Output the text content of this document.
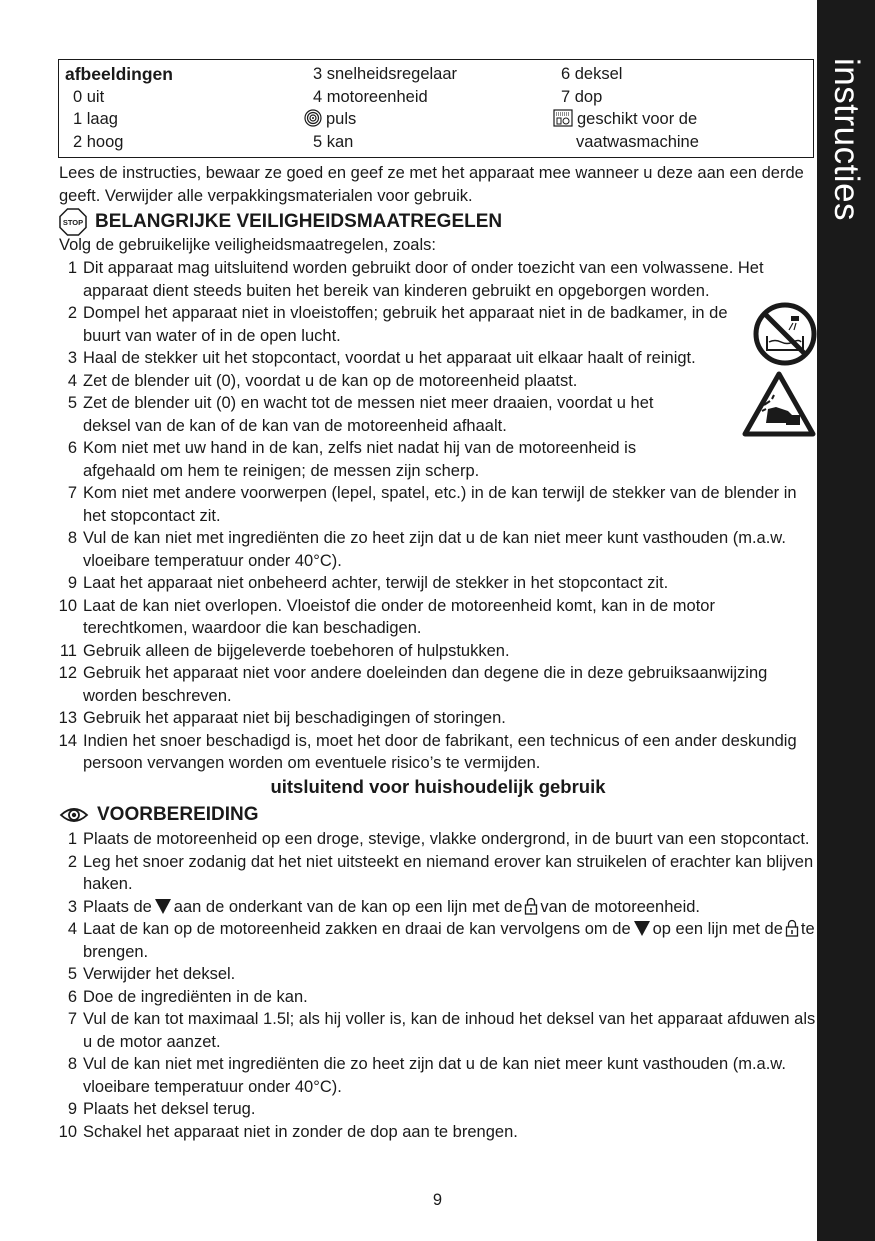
instructies
afbeeldingen
0 uit
1 laag
2 hoog
3 snelheidsregelaar
4 motoreenheid
puls
5 kan
6 deksel
7 dop
geschikt voor de
vaatwasmachine
Lees de instructies, bewaar ze goed en geef ze met het apparaat mee wanneer u deze aan een derde geeft. Verwijder alle verpakkingsmaterialen voor gebruik.
STOP BELANGRIJKE VEILIGHEIDSMAATREGELEN
Volg de gebruikelijke veiligheidsmaatregelen, zoals:
1 Dit apparaat mag uitsluitend worden gebruikt door of onder toezicht van een volwassene. Het apparaat dient steeds buiten het bereik van kinderen gebruikt en opgeborgen worden.
2 Dompel het apparaat niet in vloeistoffen; gebruik het apparaat niet in de badkamer, in de buurt van water of in de open lucht.
3 Haal de stekker uit het stopcontact, voordat u het apparaat uit elkaar haalt of reinigt.
4 Zet de blender uit (0), voordat u de kan op de motoreenheid plaatst.
5 Zet de blender uit (0) en wacht tot de messen niet meer draaien, voordat u het deksel van de kan of de kan van de motoreenheid afhaalt.
6 Kom niet met uw hand in de kan, zelfs niet nadat hij van de motoreenheid is afgehaald om hem te reinigen; de messen zijn scherp.
7 Kom niet met andere voorwerpen (lepel, spatel, etc.) in de kan terwijl de stekker van de blender in het stopcontact zit.
8 Vul de kan niet met ingrediënten die zo heet zijn dat u de kan niet meer kunt vasthouden (m.a.w. vloeibare temperatuur onder 40°C).
9 Laat het apparaat niet onbeheerd achter, terwijl de stekker in het stopcontact zit.
10 Laat de kan niet overlopen. Vloeistof die onder de motoreenheid komt, kan in de motor terechtkomen, waardoor die kan beschadigen.
11 Gebruik alleen de bijgeleverde toebehoren of hulpstukken.
12 Gebruik het apparaat niet voor andere doeleinden dan degene die in deze gebruiksaanwijzing worden beschreven.
13 Gebruik het apparaat niet bij beschadigingen of storingen.
14 Indien het snoer beschadigd is, moet het door de fabrikant, een technicus of een ander deskundig persoon vervangen worden om eventuele risico’s te vermijden.
uitsluitend voor huishoudelijk gebruik
VOORBEREIDING
1 Plaats de motoreenheid op een droge, stevige, vlakke ondergrond, in de buurt van een stopcontact.
2 Leg het snoer zodanig dat het niet uitsteekt en niemand erover kan struikelen of erachter kan blijven haken.
3 Plaats de aan de onderkant van de kan op een lijn met de van de motoreenheid.
4 Laat de kan op de motoreenheid zakken en draai de kan vervolgens om de op een lijn met de te brengen.
5 Verwijder het deksel.
6 Doe de ingrediënten in de kan.
7 Vul de kan tot maximaal 1.5l; als hij voller is, kan de inhoud het deksel van het apparaat afduwen als u de motor aanzet.
8 Vul de kan niet met ingrediënten die zo heet zijn dat u de kan niet meer kunt vasthouden (m.a.w. vloeibare temperatuur onder 40°C).
9 Plaats het deksel terug.
10 Schakel het apparaat niet in zonder de dop aan te brengen.
9
